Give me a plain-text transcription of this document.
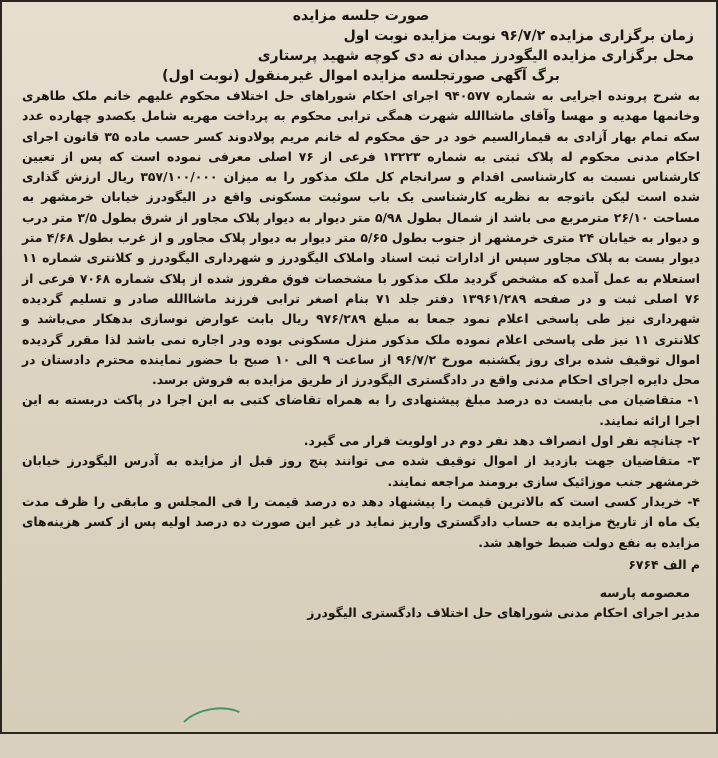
صورت جلسه مزایده

زمان برگزاری مزایده ۹۶/۷/۲ نوبت مزایده نوبت اول

محل برگزاری مزایده الیگودرز میدان نه دی کوچه شهید پرستاری

برگ آگهی صورتجلسه مزایده اموال غیرمنقول (نوبت اول)

به شرح پرونده اجرایی به شماره ۹۴۰۵۷۷ اجرای احکام شوراهای حل اختلاف محکوم علیهم خانم ملک طاهری وخانمها مهدیه و مهسا وآقای ماشاالله شهرت همگی ترابی محکوم به پرداخت مهریه شامل یکصدو چهارده عدد سکه تمام بهار آزادی به قیمارالسیم خود در حق محکوم له خانم مریم پولادوند کسر حسب ماده ۳۵ قانون اجرای احکام مدنی محکوم له پلاک ثبتی به شماره ۱۳۲۲۳ فرعی از ۷۶ اصلی معرفی نموده است که پس از تعیین کارشناس نسبت به کارشناسی اقدام و سرانجام کل ملک مذکور را به میزان ۳۵۷/۱۰۰/۰۰۰ ریال ارزش گذاری شده است لیکن باتوجه به نظریه کارشناسی یک باب سوئیت مسکونی واقع در الیگودرز خیابان خرمشهر به مساحت ۲۶/۱۰ مترمربع می باشد از شمال بطول ۵/۹۸ متر دیوار به دیوار پلاک مجاور از شرق بطول ۳/۵ متر درب و دیوار به خیابان ۲۴ متری خرمشهر از جنوب بطول ۵/۶۵ متر دیوار به دیوار پلاک مجاور و از غرب بطول ۴/۶۸ متر دیوار بست به پلاک مجاور سپس از ادارات ثبت اسناد واملاک الیگودرز و شهرداری الیگودرز و کلانتری شماره ۱۱ استعلام به عمل آمده که مشخص گردید ملک مذکور با مشخصات فوق مفروز شده از پلاک شماره ۷۰۶۸ فرعی از ۷۶ اصلی ثبت و در صفحه ۱۳۹۶۱/۲۸۹ دفتر جلد ۷۱ بنام اصغر ترابی فرزند ماشاالله صادر و تسلیم گردیده شهرداری نیز طی پاسخی اعلام نمود جمعا به مبلغ ۹۷۶/۲۸۹ ریال بابت عوارض نوسازی بدهکار می‌باشد و کلانتری ۱۱ نیز طی پاسخی اعلام نموده ملک مذکور منزل مسکونی بوده ودر اجاره نمی باشد لذا مقرر گردیده اموال توقیف شده برای روز یکشنبه مورخ ۹۶/۷/۲ از ساعت ۹ الی ۱۰ صبح با حضور نماینده محترم دادستان در محل دایره اجرای احکام مدنی واقع در دادگستری الیگودرز از طریق مزایده به فروش برسد.

۱- متقاضیان می بایست ده درصد مبلغ پیشنهادی را به همراه تقاضای کتبی به این اجرا در پاکت دربسته به این اجرا ارائه نمایند.

۲- چنانچه نفر اول انصراف دهد نفر دوم در اولویت قرار می گیرد.

۳- متقاضیان جهت بازدید از اموال توقیف شده می توانند پنج روز قبل از مزایده به آدرس الیگودرز خیابان خرمشهر جنب موزائیک سازی برومند مراجعه نمایند.

۴- خریدار کسی است که بالاترین قیمت را پیشنهاد دهد ده درصد قیمت را فی المجلس و مابقی را ظرف مدت یک ماه از تاریخ مزایده به حساب دادگستری واریز نماید در غیر این صورت ده درصد اولیه پس از کسر هزینه‌های مزایده به نفع دولت ضبط خواهد شد.

م الف ۶۷۶۴

معصومه پارسه

مدیر اجرای احکام مدنی شوراهای حل اختلاف دادگستری الیگودرز
